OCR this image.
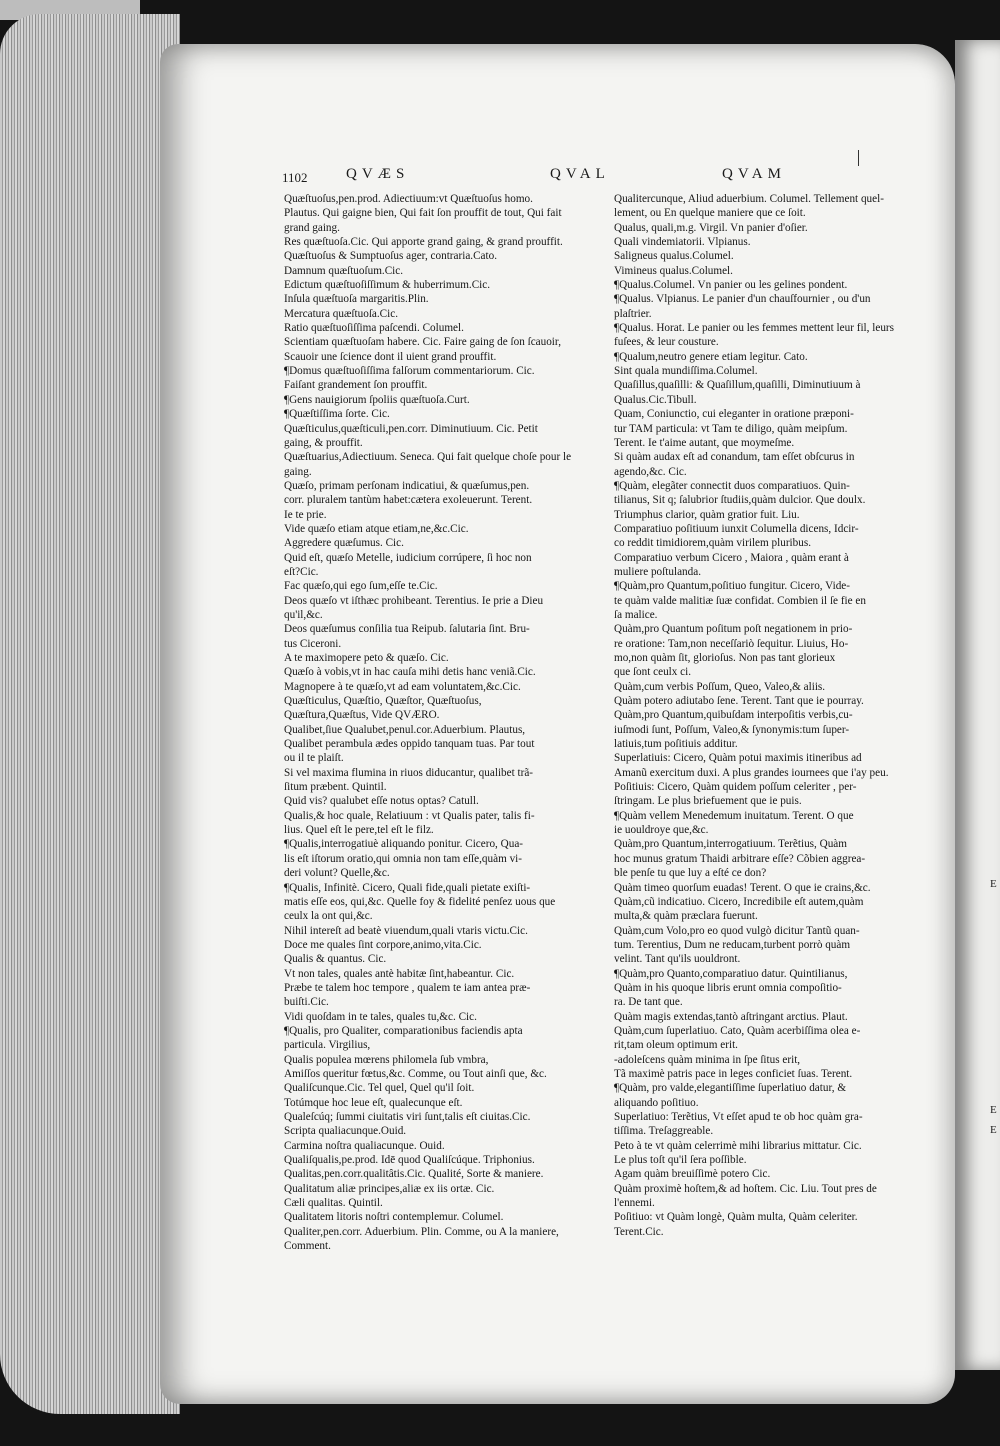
E
E
E
1102	QVÆS	QVAL	QVAM
Quæſtuoſus,pen.prod. Adiectiuum:vt Quæſtuoſus homo.
Plautus. Qui gaigne bien, Qui fait ſon prouffit de tout, Qui fait
grand gaing.
Res quæſtuoſa.Cic. Qui apporte grand gaing, & grand prouffit.
Quæſtuoſus & Sumptuoſus ager, contraria.Cato.
Damnum quæſtuoſum.Cic.
Edictum quæſtuoſiſſimum & huberrimum.Cic.
Inſula quæſtuoſa margaritis.Plin.
Mercatura quæſtuoſa.Cic.
Ratio quæſtuoſiſſima paſcendi. Columel.
Scientiam quæſtuoſam habere. Cic. Faire gaing de ſon ſcauoir,
Scauoir une ſcience dont il uient grand prouffit.
¶Domus quæſtuoſiſſima falſorum commentariorum. Cic.
Faiſant grandement ſon prouffit.
¶Gens nauigiorum ſpoliis quæſtuoſa.Curt.
¶Quæſtiſſima ſorte. Cic.
Quæſticulus,quæſticuli,pen.corr. Diminutiuum. Cic. Petit
gaing, & prouffit.
Quæſtuarius,Adiectiuum. Seneca. Qui fait quelque choſe pour le
gaing.
Quæſo, primam perſonam indicatiui, & quæſumus,pen.
corr. pluralem tantùm habet:cætera exoleuerunt. Terent.
Ie te prie.
Vide quæſo etiam atque etiam,ne,&c.Cic.
Aggredere quæſumus. Cic.
Quid eſt, quæſo Metelle, iudicium corrúpere, ſi hoc non
eſt?Cic.
Fac quæſo,qui ego ſum,eſſe te.Cic.
Deos quæſo vt iſthæc prohibeant. Terentius. Ie prie a Dieu
qu'il,&c.
Deos quæſumus conſilia tua Reipub. ſalutaria ſint. Bru-
tus Ciceroni.
A te maximopere peto & quæſo. Cic.
Quæſo à vobis,vt in hac cauſa mihi detis hanc veniã.Cic.
Magnopere à te quæſo,vt ad eam voluntatem,&c.Cic.
Quæſticulus, Quæſtio, Quæſtor, Quæſtuoſus,
Quæſtura,Quæſtus, Vide QVÆRO.
Qualibet,ſiue Qualubet,penul.cor.Aduerbium. Plautus,
Qualibet perambula ædes oppido tanquam tuas. Par tout
ou il te plaiſt.
Si vel maxima flumina in riuos diducantur, qualibet trã-
ſitum præbent. Quintil.
Quid vis? qualubet eſſe notus optas? Catull.
Qualis,& hoc quale, Relatiuum : vt Qualis pater, talis fi-
lius. Quel eſt le pere,tel eſt le filz.
¶Qualis,interrogatiuè aliquando ponitur. Cicero, Qua-
lis eſt iſtorum oratio,qui omnia non tam eſſe,quàm vi-
deri volunt? Quelle,&c.
¶Qualis, Infinitè. Cicero, Quali fide,quali pietate exiſti-
matis eſſe eos, qui,&c. Quelle foy & fidelité penſez uous que
ceulx la ont qui,&c.
Nihil intereſt ad beatè viuendum,quali vtaris victu.Cic.
Doce me quales ſint corpore,animo,vita.Cic.
Qualis & quantus. Cic.
Vt non tales, quales antè habitæ ſint,habeantur. Cic.
Præbe te talem hoc tempore , qualem te iam antea præ-
buiſti.Cic.
Vidi quoſdam in te tales, quales tu,&c. Cic.
¶Qualis, pro Qualiter, comparationibus faciendis apta
particula. Virgilius,
Qualis populea mœrens philomela ſub vmbra,
Amiſſos queritur fœtus,&c. Comme, ou Tout ainſi que, &c.
Qualiſcunque.Cic. Tel quel, Quel qu'il ſoit.
Totúmque hoc leue eſt, qualecunque eſt.
Qualeſcúq; ſummi ciuitatis viri ſunt,talis eſt ciuitas.Cic.
Scripta qualiacunque.Ouid.
Carmina noſtra qualiacunque. Ouid.
Qualiſqualis,pe.prod. Idē quod Qualiſcúque. Triphonius.
Qualitas,pen.corr.qualitâtis.Cic. Qualité, Sorte & maniere.
Qualitatum aliæ principes,aliæ ex iis ortæ. Cic.
Cæli qualitas. Quintil.
Qualitatem litoris noſtri contemplemur. Columel.
Qualiter,pen.corr. Aduerbium. Plin. Comme, ou A la maniere,
Comment.
Qualitercunque, Aliud aduerbium. Columel. Tellement quel-
lement, ou En quelque maniere que ce ſoit.
Qualus, quali,m.g. Virgil. Vn panier d'oſier.
Quali vindemiatorii. Vlpianus.
Saligneus qualus.Columel.
Vimineus qualus.Columel.
¶Qualus.Columel. Vn panier ou les gelines pondent.
¶Qualus. Vlpianus. Le panier d'un chauſfournier , ou d'un
plaſtrier.
¶Qualus. Horat. Le panier ou les femmes mettent leur fil, leurs
fuſees, & leur cousture.
¶Qualum,neutro genere etiam legitur. Cato.
Sint quala mundiſſima.Columel.
Quaſillus,quaſilli: & Quaſillum,quaſilli, Diminutiuum à
Qualus.Cic.Tibull.
Quam, Coniunctio, cui eleganter in oratione præponi-
tur TAM particula: vt Tam te diligo, quàm meipſum.
Terent. Ie t'aime autant, que moymeſme.
Si quàm audax eſt ad conandum, tam eſſet obſcurus in
agendo,&c. Cic.
¶Quàm, elegãter connectit duos comparatiuos. Quin-
tilianus, Sit q; ſalubrior ſtudiis,quàm dulcior. Que doulx.
Triumphus clarior, quàm gratior fuit. Liu.
Comparatiuo poſitiuum iunxit Columella dicens, Idcir-
co reddit timidiorem,quàm virilem pluribus.
Comparatiuo verbum Cicero , Maiora , quàm erant à
muliere poſtulanda.
¶Quàm,pro Quantum,poſitiuo fungitur. Cicero, Vide-
te quàm valde malitiæ ſuæ confidat. Combien il ſe fie en
ſa malice.
Quàm,pro Quantum poſitum poſt negationem in prio-
re oratione: Tam,non neceſſariò ſequitur. Liuius, Ho-
mo,non quàm ſit, glorioſus. Non pas tant glorieux
que ſont ceulx ci.
Quàm,cum verbis Poſſum, Queo, Valeo,& aliis.
Quàm potero adiutabo ſene. Terent. Tant que ie pourray.
Quàm,pro Quantum,quibuſdam interpoſitis verbis,cu-
iuſmodi ſunt, Poſſum, Valeo,& ſynonymis:tum ſuper-
latiuis,tum poſitiuis additur.
Superlatiuis: Cicero, Quàm potui maximis itineribus ad
Amanũ exercitum duxi. A plus grandes iournees que i'ay peu.
Poſitiuis: Cicero, Quàm quidem poſſum celeriter , per-
ſtringam. Le plus briefuement que ie puis.
¶Quàm vellem Menedemum inuitatum. Terent. O que
ie uouldroye que,&c.
Quàm,pro Quantum,interrogatiuum. Terẽtius, Quàm
hoc munus gratum Thaidi arbitrare eſſe? Cõbien aggrea-
ble penſe tu que luy a eſté ce don?
Quàm timeo quorſum euadas! Terent. O que ie crains,&c.
Quàm,cũ indicatiuo. Cicero, Incredibile eſt autem,quàm
multa,& quàm præclara fuerunt.
Quàm,cum Volo,pro eo quod vulgò dicitur Tantũ quan-
tum. Terentius, Dum ne reducam,turbent porrò quàm
velint. Tant qu'ils uouldront.
¶Quàm,pro Quanto,comparatiuo datur. Quintilianus,
Quàm in his quoque libris erunt omnia compoſitio-
ra. De tant que.
Quàm magis extendas,tantò aſtringant arctius. Plaut.
Quàm,cum ſuperlatiuo. Cato, Quàm acerbiſſima olea e-
rit,tam oleum optimum erit.
-adoleſcens quàm minima in ſpe ſitus erit,
Tã maximè patris pace in leges conficiet ſuas. Terent.
¶Quàm, pro valde,elegantiſſime ſuperlatiuo datur, &
aliquando poſitiuo.
Superlatiuo: Terẽtius, Vt eſſet apud te ob hoc quàm gra-
tiſſima. Treſaggreable.
Peto à te vt quàm celerrimè mihi librarius mittatur. Cic.
Le plus toſt qu'il ſera poſſible.
Agam quàm breuiſſimè potero Cic.
Quàm proximè hoſtem,& ad hoſtem. Cic. Liu. Tout pres de
l'ennemi.
Poſitiuo: vt Quàm longè, Quàm multa, Quàm celeriter.
Terent.Cic.
